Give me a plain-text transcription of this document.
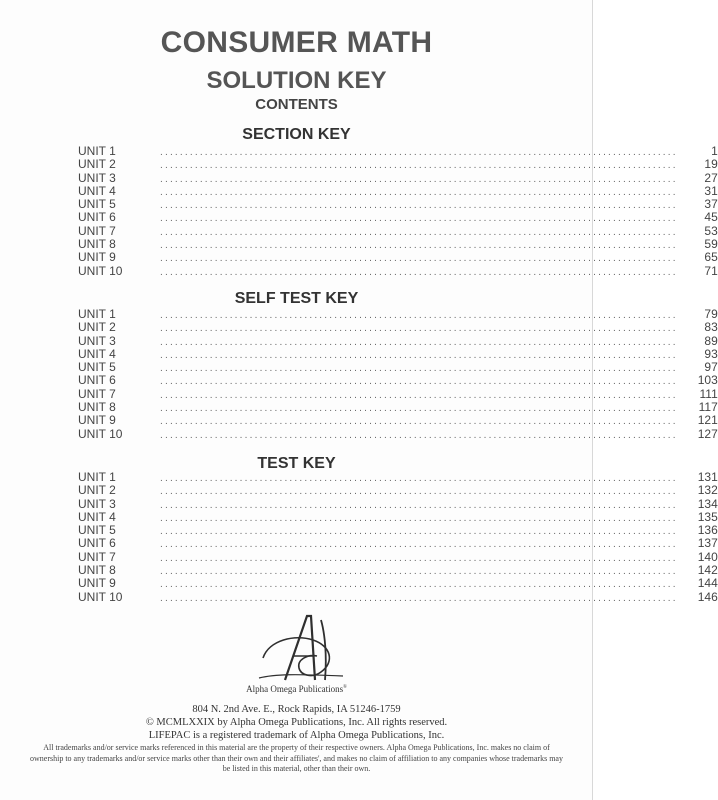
CONSUMER MATH
SOLUTION KEY
CONTENTS
SECTION KEY
UNIT 1	........................................................................................................	1
UNIT 2	........................................................................................................	19
UNIT 3	........................................................................................................	27
UNIT 4	........................................................................................................	31
UNIT 5	........................................................................................................	37
UNIT 6	........................................................................................................	45
UNIT 7	........................................................................................................	53
UNIT 8	........................................................................................................	59
UNIT 9	........................................................................................................	65
UNIT 10	........................................................................................................	71
SELF TEST KEY
UNIT 1	........................................................................................................	79
UNIT 2	........................................................................................................	83
UNIT 3	........................................................................................................	89
UNIT 4	........................................................................................................	93
UNIT 5	........................................................................................................	97
UNIT 6	........................................................................................................	103
UNIT 7	........................................................................................................	111
UNIT 8	........................................................................................................	117
UNIT 9	........................................................................................................	121
UNIT 10	........................................................................................................	127
TEST KEY
UNIT 1	........................................................................................................	131
UNIT 2	........................................................................................................	132
UNIT 3	........................................................................................................	134
UNIT 4	........................................................................................................	135
UNIT 5	........................................................................................................	136
UNIT 6	........................................................................................................	137
UNIT 7	........................................................................................................	140
UNIT 8	........................................................................................................	142
UNIT 9	........................................................................................................	144
UNIT 10	........................................................................................................	146
Alpha Omega Publications®
804 N. 2nd Ave. E., Rock Rapids, IA 51246-1759
© MCMLXXIX by Alpha Omega Publications, Inc. All rights reserved.
LIFEPAC is a registered trademark of Alpha Omega Publications, Inc.
All trademarks and/or service marks referenced in this material are the property of their respective owners. Alpha Omega Publications, Inc. makes no claim of ownership to any trademarks and/or service marks other than their own and their affiliates', and makes no claim of affiliation to any companies whose trademarks may be listed in this material, other than their own.
